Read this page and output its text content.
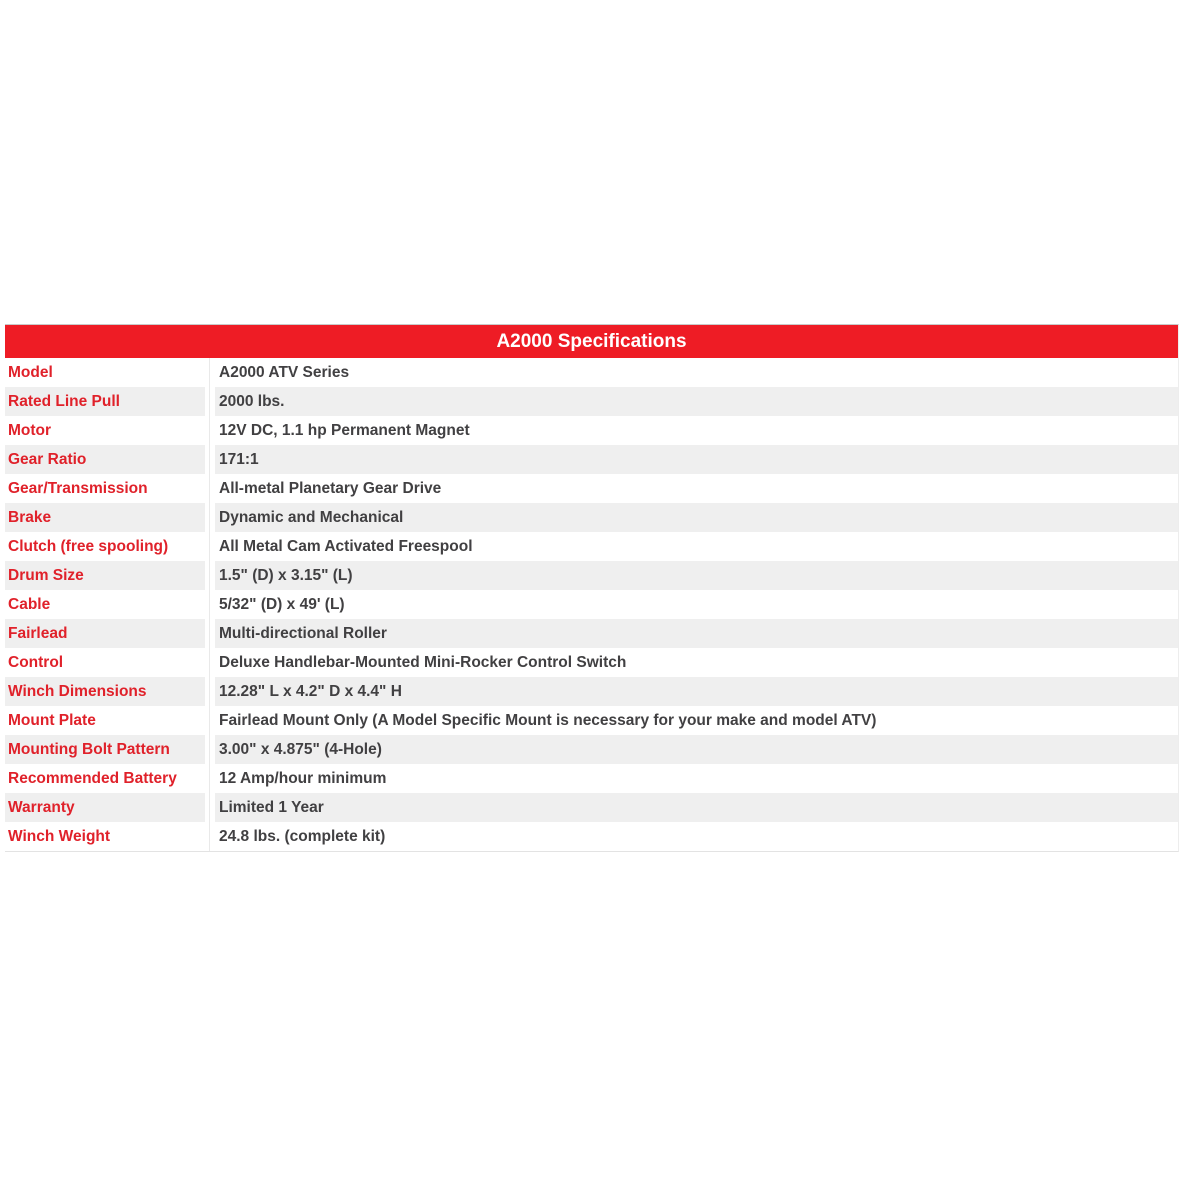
A2000 Specifications
Model	A2000 ATV Series
Rated Line Pull	2000 lbs.
Motor	12V DC, 1.1 hp Permanent Magnet
Gear Ratio	171:1
Gear/Transmission	All-metal Planetary Gear Drive
Brake	Dynamic and Mechanical
Clutch (free spooling)	All Metal Cam Activated Freespool
Drum Size	1.5" (D) x 3.15" (L)
Cable	5/32" (D) x 49' (L)
Fairlead	Multi-directional Roller
Control	Deluxe Handlebar-Mounted Mini-Rocker Control Switch
Winch Dimensions	12.28" L x 4.2" D x 4.4" H
Mount Plate	Fairlead Mount Only (A Model Specific Mount is necessary for your make and model ATV)
Mounting Bolt Pattern	3.00" x 4.875" (4-Hole)
Recommended Battery	12 Amp/hour minimum
Warranty	Limited 1 Year
Winch Weight	24.8 lbs. (complete kit)
